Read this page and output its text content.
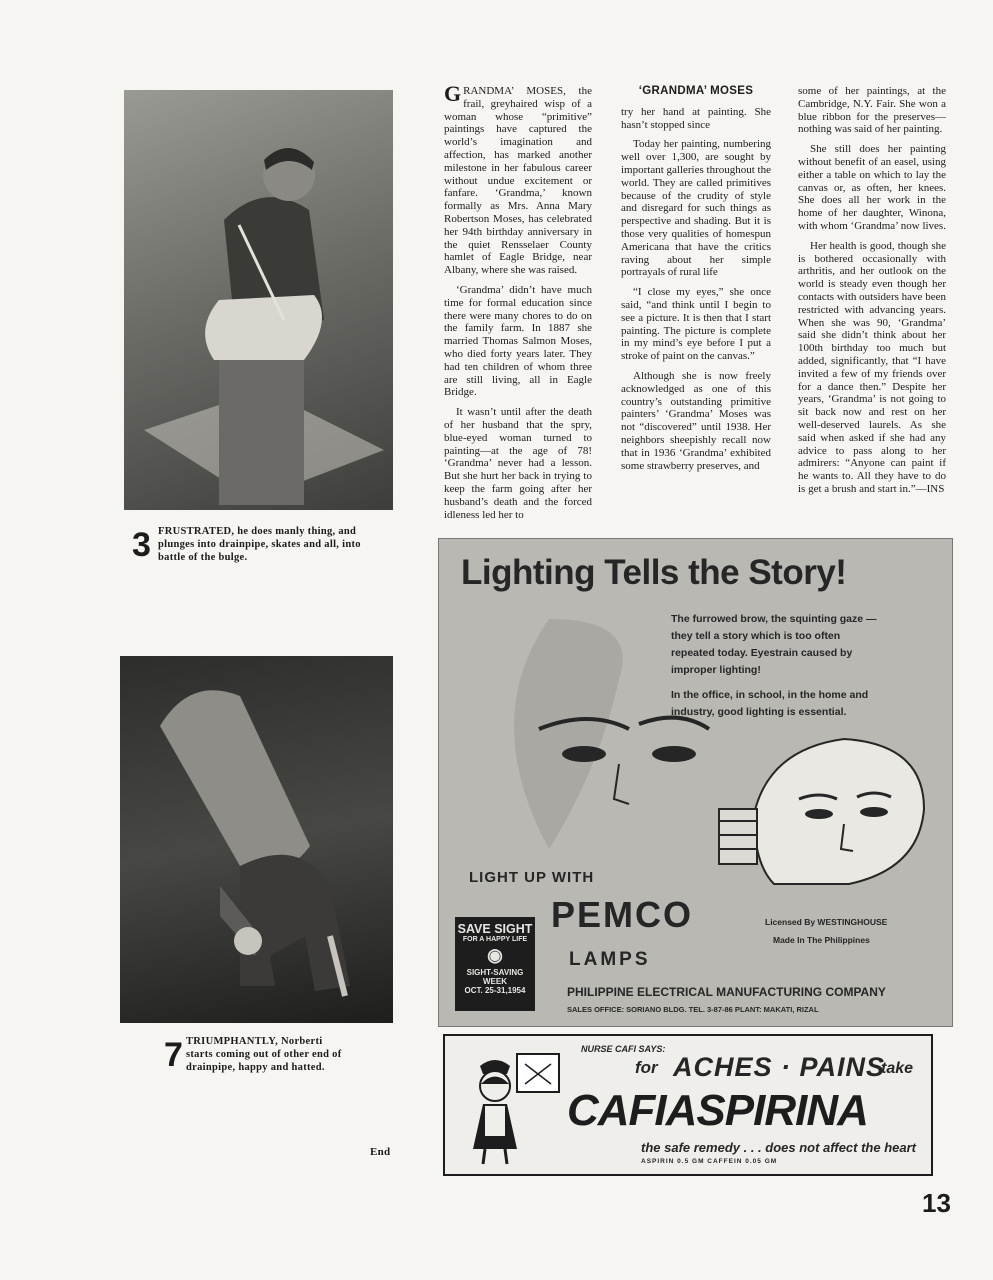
3 FRUSTRATED, he does manly thing, and plunges into drainpipe, skates and all, into battle of the bulge.
7 TRIUMPHANTLY, Norberti starts coming out of other end of drainpipe, happy and hatted.
End

GRANDMA’ MOSES, the frail, greyhaired wisp of a woman whose “primitive” paintings have captured the world’s imagination and affection, has marked another milestone in her fabulous career without undue excitement or fanfare. ‘Grandma,’ known formally as Mrs. Anna Mary Robertson Moses, has celebrated her 94th birthday anniversary in the quiet Rensselaer County hamlet of Eagle Bridge, near Albany, where she was raised.

‘Grandma’ didn’t have much time for formal education since there were many chores to do on the family farm. In 1887 she married Thomas Salmon Moses, who died forty years later. They had ten children of whom three are still living, all in Eagle Bridge.

It wasn’t until after the death of her husband that the spry, blue-eyed woman turned to painting—at the age of 78! ‘Grandma’ never had a lesson. But she hurt her back in trying to keep the farm going after her husband’s death and the forced idleness led her to

‘GRANDMA’ MOSES

try her hand at painting. She hasn’t stopped since

Today her painting, numbering well over 1,300, are sought by important galleries throughout the world. They are called primitives because of the crudity of style and disregard for such things as perspective and shading. But it is those very qualities of homespun Americana that have the critics raving about her simple portrayals of rural life

“I close my eyes,” she once said, “and think until I begin to see a picture. It is then that I start painting. The picture is complete in my mind’s eye before I put a stroke of paint on the canvas.”

Although she is now freely acknowledged as one of this country’s outstanding primitive painters’ ‘Grandma’ Moses was not “discovered” until 1938. Her neighbors sheepishly recall now that in 1936 ‘Grandma’ exhibited some strawberry preserves, and

some of her paintings, at the Cambridge, N.Y. Fair. She won a blue ribbon for the preserves—nothing was said of her painting.

She still does her painting without benefit of an easel, using either a table on which to lay the canvas or, as often, her knees. She does all her work in the home of her daughter, Winona, with whom ‘Grandma’ now lives.

Her health is good, though she is bothered occasionally with arthritis, and her outlook on the world is steady even though her contacts with outsiders have been restricted with advancing years. When she was 90, ‘Grandma’ said she didn’t think about her 100th birthday too much but added, significantly, that “I have invited a few of my friends over for a dance then.” Despite her years, ‘Grandma’ is not going to sit back now and rest on her well-deserved laurels. As she said when asked if she had any advice to pass along to her admirers: “Anyone can paint if he wants to. All they have to do is get a brush and start in.”—INS

Lighting Tells the Story!
The furrowed brow, the squinting gaze —they tell a story which is too often repeated today. Eyestrain caused by improper lighting!
In the office, in school, in the home and industry, good lighting is essential.
LIGHT UP WITH
SAVE SIGHT
FOR A HAPPY LIFE
◉
SIGHT-SAVING WEEK
OCT. 25-31,1954
PEMCO
LAMPS
Licensed By WESTINGHOUSE
Made In The Philippines
PHILIPPINE ELECTRICAL MANUFACTURING COMPANY
SALES OFFICE: SORIANO BLDG. TEL. 3-87-86 PLANT: MAKATI, RIZAL
NURSE CAFI SAYS:
for ACHES · PAINS
take
CAFIASPIRINA
the safe remedy . . . does not affect the heart
ASPIRIN 0.5 GM CAFFEIN 0.05 GM
13
